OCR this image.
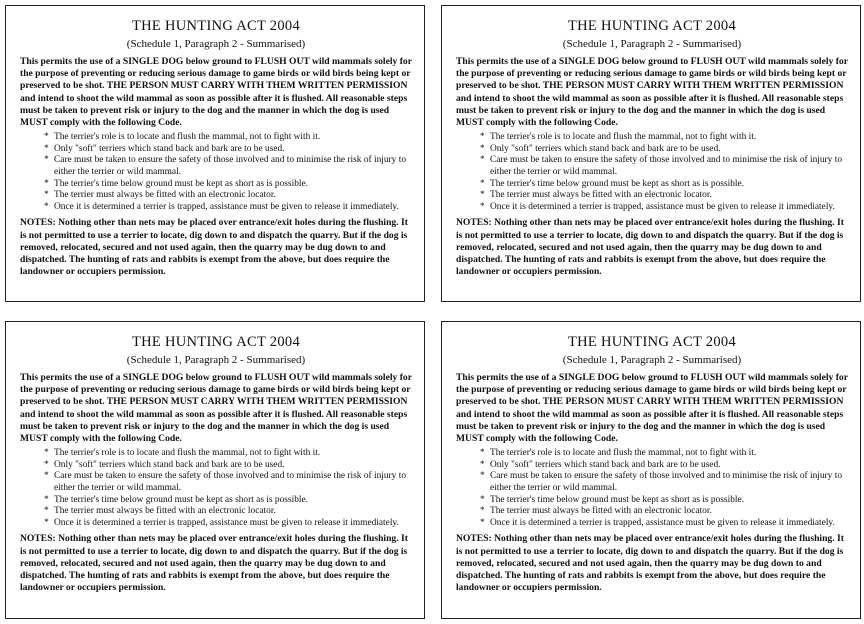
THE HUNTING ACT 2004
(Schedule 1, Paragraph 2 - Summarised)

This permits the use of a SINGLE DOG below ground to FLUSH OUT wild mammals solely for the purpose of preventing or reducing serious damage to game birds or wild birds being kept or preserved to be shot. THE PERSON MUST CARRY WITH THEM WRITTEN PERMISSION and intend to shoot the wild mammal as soon as possible after it is flushed. All reasonable steps must be taken to prevent risk or injury to the dog and the manner in which the dog is used MUST comply with the following Code.

* The terrier's role is to locate and flush the mammal, not to fight with it.
* Only "soft" terriers which stand back and bark are to be used.
* Care must be taken to ensure the safety of those involved and to minimise the risk of injury to either the terrier or wild mammal.
* The terrier's time below ground must be kept as short as is possible.
* The terrier must always be fitted with an electronic locator.
* Once it is determined a terrier is trapped, assistance must be given to release it immediately.

NOTES: Nothing other than nets may be placed over entrance/exit holes during the flushing. It is not permitted to use a terrier to locate, dig down to and dispatch the quarry. But if the dog is removed, relocated, secured and not used again, then the quarry may be dug down to and dispatched. The hunting of rats and rabbits is exempt from the above, but does require the landowner or occupiers permission.

THE HUNTING ACT 2004
(Schedule 1, Paragraph 2 - Summarised)

This permits the use of a SINGLE DOG below ground to FLUSH OUT wild mammals solely for the purpose of preventing or reducing serious damage to game birds or wild birds being kept or preserved to be shot. THE PERSON MUST CARRY WITH THEM WRITTEN PERMISSION and intend to shoot the wild mammal as soon as possible after it is flushed. All reasonable steps must be taken to prevent risk or injury to the dog and the manner in which the dog is used MUST comply with the following Code.

* The terrier's role is to locate and flush the mammal, not to fight with it.
* Only "soft" terriers which stand back and bark are to be used.
* Care must be taken to ensure the safety of those involved and to minimise the risk of injury to either the terrier or wild mammal.
* The terrier's time below ground must be kept as short as is possible.
* The terrier must always be fitted with an electronic locator.
* Once it is determined a terrier is trapped, assistance must be given to release it immediately.

NOTES: Nothing other than nets may be placed over entrance/exit holes during the flushing. It is not permitted to use a terrier to locate, dig down to and dispatch the quarry. But if the dog is removed, relocated, secured and not used again, then the quarry may be dug down to and dispatched. The hunting of rats and rabbits is exempt from the above, but does require the landowner or occupiers permission.

THE HUNTING ACT 2004
(Schedule 1, Paragraph 2 - Summarised)

This permits the use of a SINGLE DOG below ground to FLUSH OUT wild mammals solely for the purpose of preventing or reducing serious damage to game birds or wild birds being kept or preserved to be shot. THE PERSON MUST CARRY WITH THEM WRITTEN PERMISSION and intend to shoot the wild mammal as soon as possible after it is flushed. All reasonable steps must be taken to prevent risk or injury to the dog and the manner in which the dog is used MUST comply with the following Code.

* The terrier's role is to locate and flush the mammal, not to fight with it.
* Only "soft" terriers which stand back and bark are to be used.
* Care must be taken to ensure the safety of those involved and to minimise the risk of injury to either the terrier or wild mammal.
* The terrier's time below ground must be kept as short as is possible.
* The terrier must always be fitted with an electronic locator.
* Once it is determined a terrier is trapped, assistance must be given to release it immediately.

NOTES: Nothing other than nets may be placed over entrance/exit holes during the flushing. It is not permitted to use a terrier to locate, dig down to and dispatch the quarry. But if the dog is removed, relocated, secured and not used again, then the quarry may be dug down to and dispatched. The hunting of rats and rabbits is exempt from the above, but does require the landowner or occupiers permission.

THE HUNTING ACT 2004
(Schedule 1, Paragraph 2 - Summarised)

This permits the use of a SINGLE DOG below ground to FLUSH OUT wild mammals solely for the purpose of preventing or reducing serious damage to game birds or wild birds being kept or preserved to be shot. THE PERSON MUST CARRY WITH THEM WRITTEN PERMISSION and intend to shoot the wild mammal as soon as possible after it is flushed. All reasonable steps must be taken to prevent risk or injury to the dog and the manner in which the dog is used MUST comply with the following Code.

* The terrier's role is to locate and flush the mammal, not to fight with it.
* Only "soft" terriers which stand back and bark are to be used.
* Care must be taken to ensure the safety of those involved and to minimise the risk of injury to either the terrier or wild mammal.
* The terrier's time below ground must be kept as short as is possible.
* The terrier must always be fitted with an electronic locator.
* Once it is determined a terrier is trapped, assistance must be given to release it immediately.

NOTES: Nothing other than nets may be placed over entrance/exit holes during the flushing. It is not permitted to use a terrier to locate, dig down to and dispatch the quarry. But if the dog is removed, relocated, secured and not used again, then the quarry may be dug down to and dispatched. The hunting of rats and rabbits is exempt from the above, but does require the landowner or occupiers permission.
